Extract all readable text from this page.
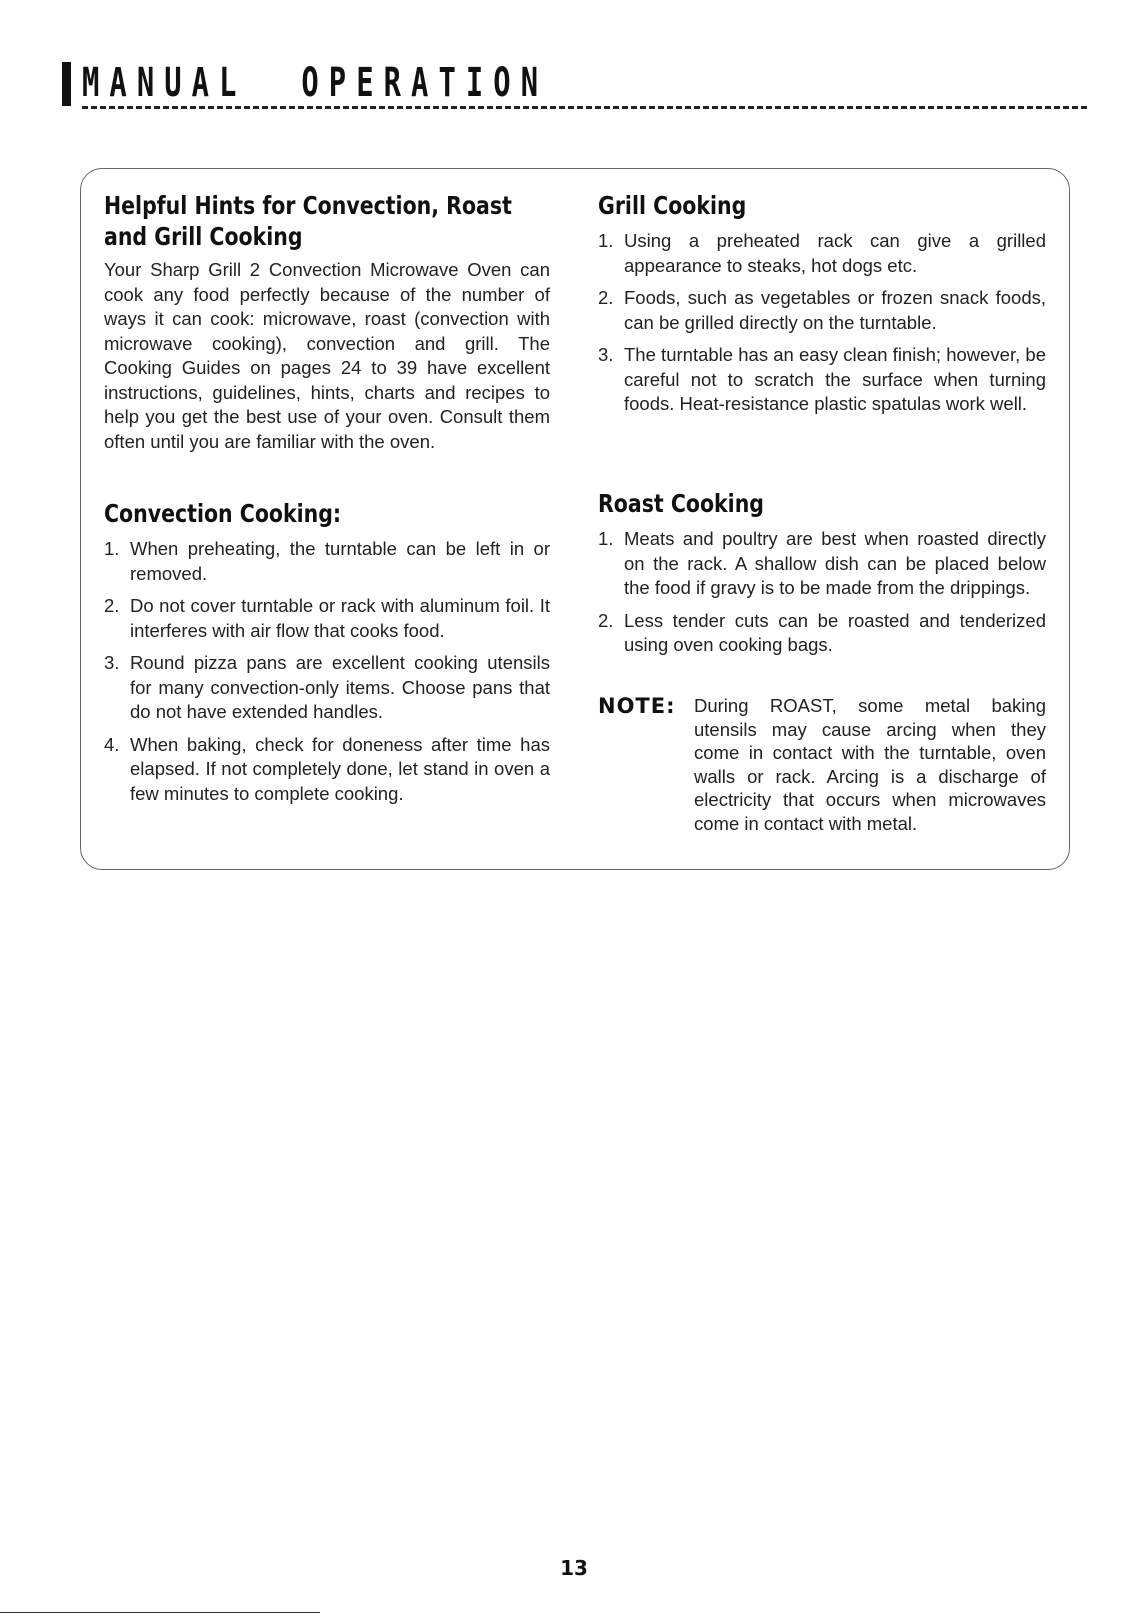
MANUAL  OPERATION
Helpful Hints for Convection, Roast and Grill Cooking

Your Sharp Grill 2 Convection Microwave Oven can cook any food perfectly because of the number of ways it can cook: microwave, roast (convection with microwave cooking), convection and grill. The Cooking Guides on pages 24 to 39 have excellent instructions, guidelines, hints, charts and recipes to help you get the best use of your oven. Consult them often until you are familiar with the oven.

Convection Cooking:
1. When preheating, the turntable can be left in or removed.
2. Do not cover turntable or rack with aluminum foil. It interferes with air flow that cooks food.
3. Round pizza pans are excellent cooking utensils for many convection-only items. Choose pans that do not have extended handles.
4. When baking, check for doneness after time has elapsed. If not completely done, let stand in oven a few minutes to complete cooking.
Grill Cooking
1. Using a preheated rack can give a grilled appearance to steaks, hot dogs etc.
2. Foods, such as vegetables or frozen snack foods, can be grilled directly on the turntable.
3. The turntable has an easy clean finish; however, be careful not to scratch the surface when turning foods. Heat-resistance plastic spatulas work well.
Roast Cooking
1. Meats and poultry are best when roasted directly on the rack. A shallow dish can be placed below the food if gravy is to be made from the drippings.
2. Less tender cuts can be roasted and tenderized using oven cooking bags.
NOTE: During ROAST, some metal baking utensils may cause arcing when they come in contact with the turntable, oven walls or rack. Arcing is a discharge of electricity that occurs when microwaves come in contact with metal.
13
